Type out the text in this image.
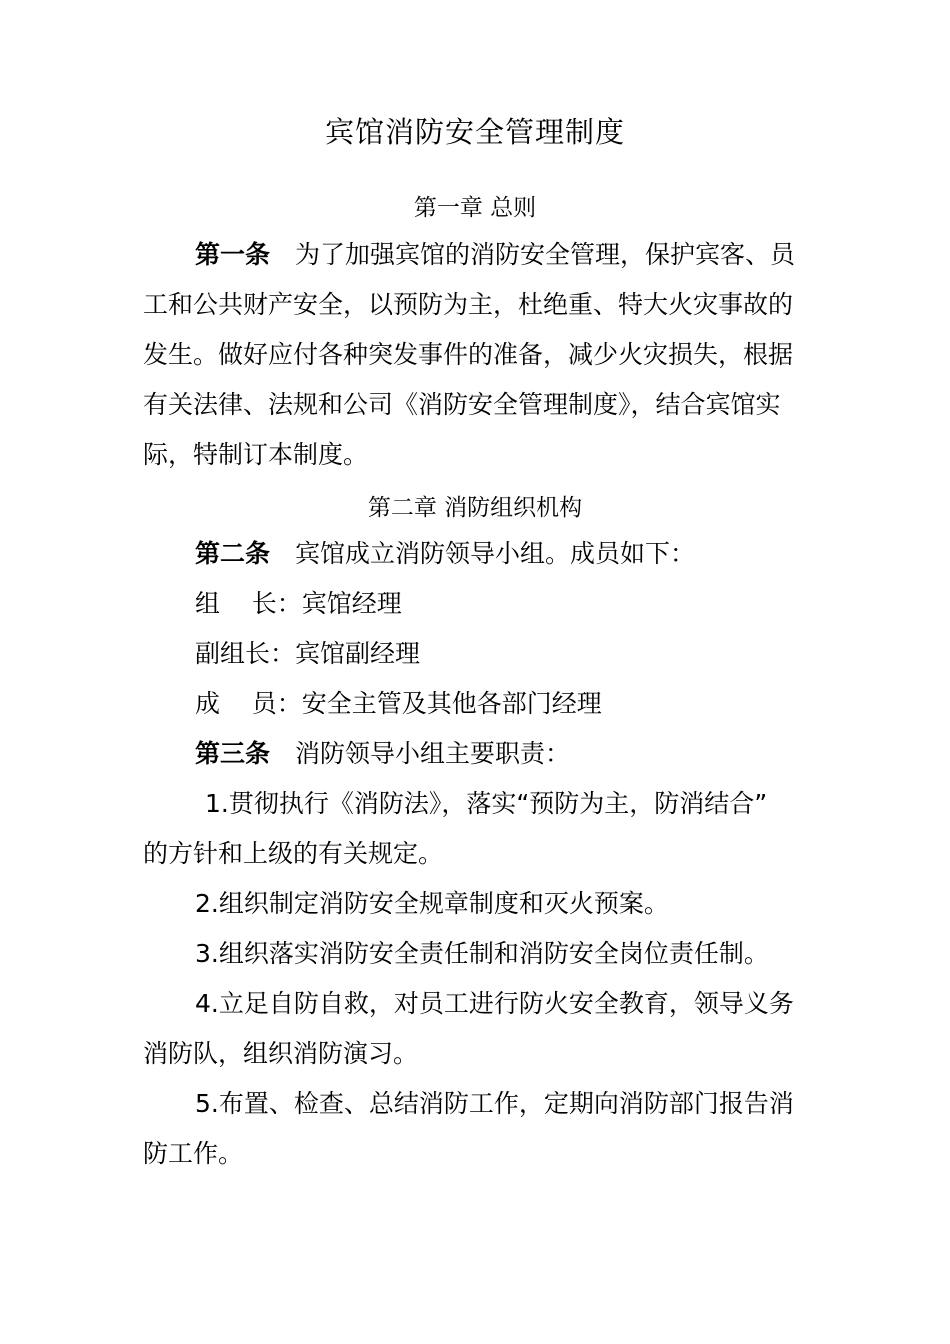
宾馆消防安全管理制度
第一章 总则
第一条 为了加强宾馆的消防安全管理，保护宾客、员
工和公共财产安全，以预防为主，杜绝重、特大火灾事故的
发生。做好应付各种突发事件的准备，减少火灾损失，根据
有关法律、法规和公司《消防安全管理制度》，结合宾馆实
际，特制订本制度。
第二章 消防组织机构
第二条 宾馆成立消防领导小组。成员如下：
组    长：宾馆经理
副组长：宾馆副经理
成    员：安全主管及其他各部门经理
第三条 消防领导小组主要职责：
1.贯彻执行《消防法》，落实“预防为主，防消结合”
的方针和上级的有关规定。
2.组织制定消防安全规章制度和灭火预案。
3.组织落实消防安全责任制和消防安全岗位责任制。
4.立足自防自救，对员工进行防火安全教育，领导义务
消防队，组织消防演习。
5.布置、检查、总结消防工作，定期向消防部门报告消
防工作。
